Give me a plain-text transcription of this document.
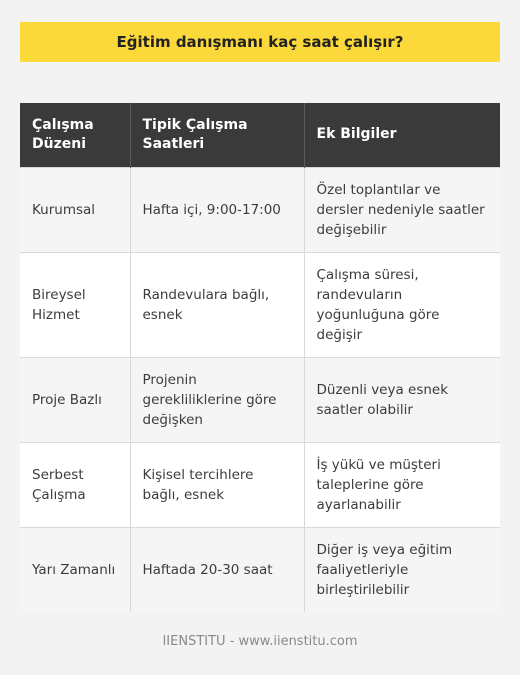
Eğitim danışmanı kaç saat çalışır?
Çalışma Düzeni	Tipik Çalışma Saatleri	Ek Bilgiler
Kurumsal	Hafta içi, 9:00-17:00	Özel toplantılar ve dersler nedeniyle saatler değişebilir
Bireysel Hizmet	Randevulara bağlı, esnek	Çalışma süresi, randevuların yoğunluğuna göre değişir
Proje Bazlı	Projenin gerekliliklerine göre değişken	Düzenli veya esnek saatler olabilir
Serbest Çalışma	Kişisel tercihlere bağlı, esnek	İş yükü ve müşteri taleplerine göre ayarlanabilir
Yarı Zamanlı	Haftada 20-30 saat	Diğer iş veya eğitim faaliyetleriyle birleştirilebilir
IIENSTITU - www.iienstitu.com
